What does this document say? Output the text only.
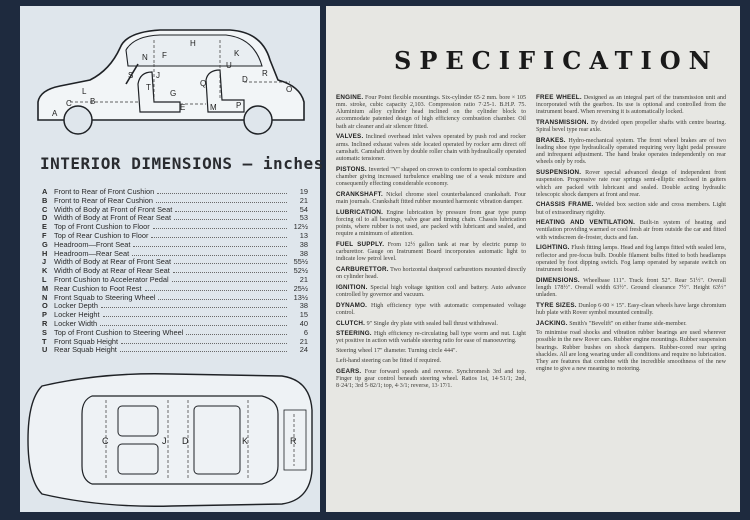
A
C B
S
N
T
F
G
L
J
P
U
Q
E
H
R
O
M
K
D
INTERIOR DIMENSIONS — inches
A Front to Rear of Front Cushion	19
B Front to Rear of Rear Cushion	21
C Width of Body at Front of Front Seat	54
D Width of Body at Front of Rear Seat	53
E Top of Front Cushion to Floor	12½
F	Top of Rear Cushion to Floor	13
G Headroom—Front Seat	38
H Headroom—Rear Seat	38
J	Width of Body at Rear of Front Seat	55½
K Width of Body at Rear of Rear Seat	52½
L	Front Cushion to Accelerator Pedal	21
M Rear Cushion to Foot Rest	25½
N Front Squab to Steering Wheel	13½
O Locker Depth	38
P Locker Height	15
R Locker Width	40
S Top of Front Cushion to Steering Wheel	6
T	Front Squab Height	21
U Rear Squab Height	24
C	J D	K	R
SPECIFICATION
ENGINE. Four Point flexible mountings. Six-cylinder 65·2 mm. bore × 105 mm. stroke, cubic capacity 2,103. Compression ratio 7·25-1. B.H.P. 75. Aluminium alloy cylinder head inclined on the cylinder block to accommodate patented design of high efficiency combustion chamber. Oil bath air cleaner and air silencer fitted.
VALVES. Inclined overhead inlet valves operated by push rod and rocker arms. Inclined exhaust valves side located operated by rocker arm direct off camshaft. Camshaft driven by double roller chain with hydraulically operated automatic tensioner.
PISTONS. Inverted "V" shaped on crown to conform to special combustion chamber giving increased turbulence enabling use of a weak mixture and consequently effecting considerable economy.
CRANKSHAFT. Nickel chrome steel counterbalanced crankshaft. Four main journals. Crankshaft fitted rubber mounted harmonic vibration damper.
LUBRICATION. Engine lubrication by pressure from gear type pump forcing oil to all bearings, valve gear and timing chain. Chassis lubrication points, where rubber is not used, are packed with lubricant and sealed, and require a minimum of attention.
FUEL SUPPLY. From 12½ gallon tank at rear by electric pump to carburettor. Gauge on Instrument Board incorporates automatic light to indicate low petrol level.
CARBURETTOR. Two horizontal dustproof carburettors mounted directly on cylinder head.
IGNITION. Special high voltage ignition coil and battery. Auto advance controlled by governor and vacuum.
DYNAMO. High efficiency type with automatic compensated voltage control.
CLUTCH. 9" Single dry plate with sealed ball thrust withdrawal.
STEERING. High efficiency re-circulating ball type worm and nut. Light yet positive in action with variable steering ratio for ease of manoeuvring.
Steering wheel 17" diameter. Turning circle 444".
Left-hand steering can be fitted if required.
GEARS. Four forward speeds and reverse. Synchromesh 3rd and top. Finger tip gear control beneath steering wheel. Ratios 1st, 14·51/1; 2nd, 8·24/1; 3rd 5·82/1; top, 4·3/1; reverse, 13·17/1.
FREE WHEEL. Designed as an integral part of the transmission unit and incorporated with the gearbox. Its use is optional and controlled from the instrument board. When reversing it is automatically locked.
TRANSMISSION. By divided open propeller shafts with centre bearing. Spiral bevel type rear axle.
BRAKES. Hydro-mechanical system. The front wheel brakes are of two leading shoe type hydraulically operated requiring very light pedal pressure and infrequent adjustment. The hand brake operates independently on rear wheels only by rods.
SUSPENSION. Rover special advanced design of independent front suspension. Progressive rate rear springs semi-elliptic enclosed in gaiters which are packed with lubricant and sealed. Double acting hydraulic telescopic shock dampers at front and rear.
CHASSIS FRAME. Welded box section side and cross members. Light but of extraordinary rigidity.
HEATING AND VENTILATION. Built-in system of heating and ventilation providing warmed or cool fresh air from outside the car and fitted with windscreen de-froster, ducts and fan.
LIGHTING. Flush fitting lamps. Head and fog lamps fitted with sealed lens, reflector and pre-focus bulb. Double filament bulbs fitted to both headlamps operated by foot dipping switch. Fog lamp operated by separate switch on instrument board.
DIMENSIONS. Wheelbase 111". Track front 52". Rear 51½". Overall length 178½". Overall width 63½". Ground clearance 7½". Height 63½" unladen.
TYRE SIZES. Dunlop 6·00 × 15". Easy-clean wheels have large chromium hub plate with Rover symbol mounted centrally.
JACKING. Smith's "Bevelift" on either frame side-member.
To minimise road shocks and vibration rubber bearings are used wherever possible in the new Rover cars. Rubber engine mountings. Rubber suspension bearings. Rubber bushes on shock dampers. Rubber-cored rear spring shackles. All are long wearing under all conditions and require no lubrication. They are features that combine with the incredible smoothness of the new engine to give a new meaning to motoring.
